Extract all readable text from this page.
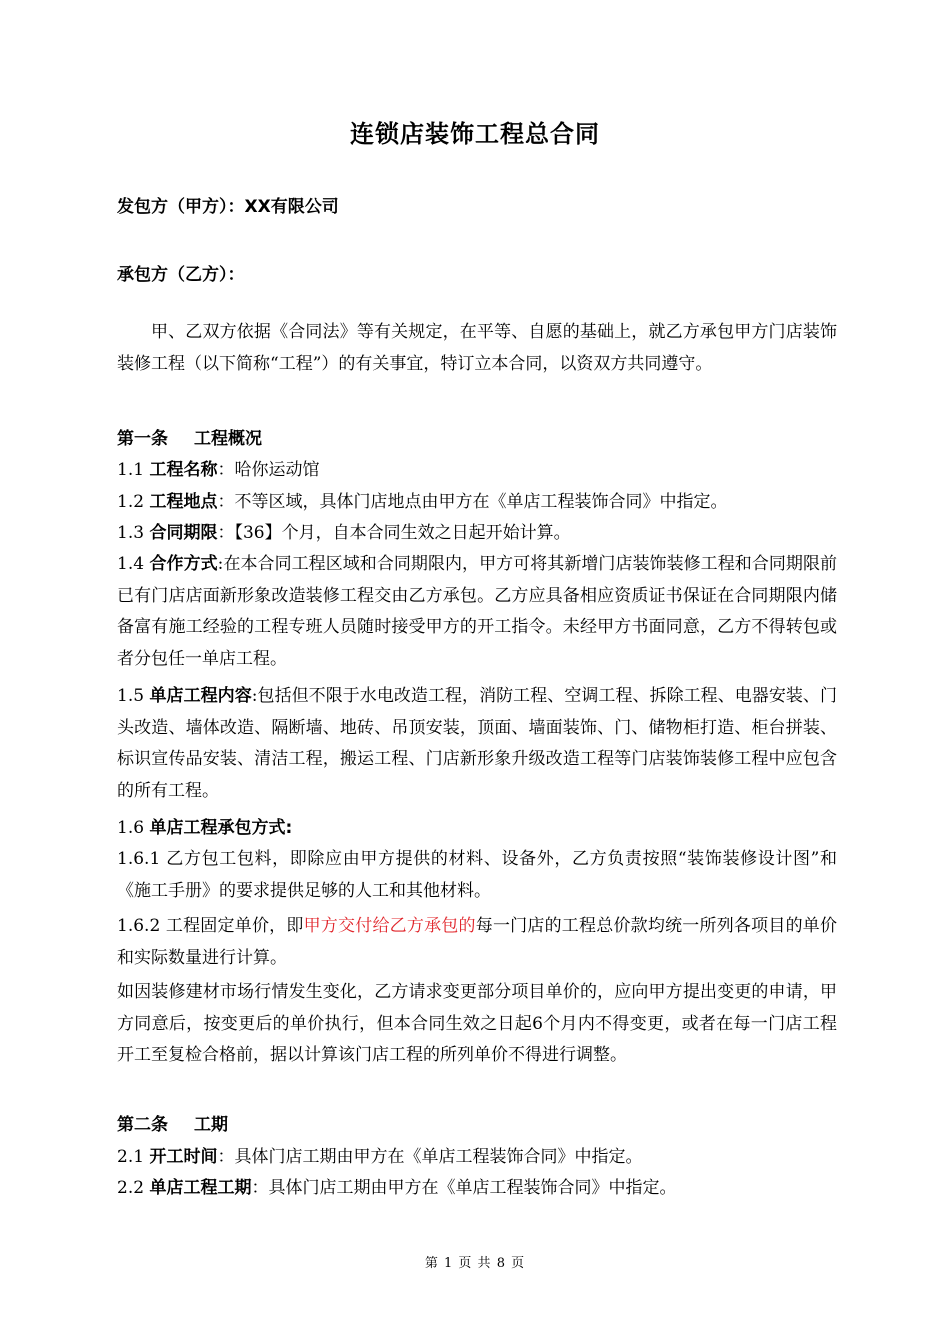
连锁店装饰工程总合同
发包方（甲方）：XX有限公司
承包方（乙方）：
甲、乙双方依据《合同法》等有关规定，在平等、自愿的基础上，就乙方承包甲方门店装饰装修工程（以下简称“工程”）的有关事宜，特订立本合同，以资双方共同遵守。
第一条 工程概况
1.1 工程名称：哈你运动馆
1.2 工程地点：不等区域，具体门店地点由甲方在《单店工程装饰合同》中指定。
1.3 合同期限：【36】个月，自本合同生效之日起开始计算。
1.4 合作方式:在本合同工程区域和合同期限内，甲方可将其新增门店装饰装修工程和合同期限前已有门店店面新形象改造装修工程交由乙方承包。乙方应具备相应资质证书保证在合同期限内储备富有施工经验的工程专班人员随时接受甲方的开工指令。未经甲方书面同意，乙方不得转包或者分包任一单店工程。
1.5 单店工程内容:包括但不限于水电改造工程，消防工程、空调工程、拆除工程、电器安装、门头改造、墙体改造、隔断墙、地砖、吊顶安装，顶面、墙面装饰、门、储物柜打造、柜台拼装、标识宣传品安装、清洁工程，搬运工程、门店新形象升级改造工程等门店装饰装修工程中应包含的所有工程。
1.6 单店工程承包方式:
1.6.1 乙方包工包料，即除应由甲方提供的材料、设备外，乙方负责按照“装饰装修设计图”和《施工手册》的要求提供足够的人工和其他材料。
1.6.2 工程固定单价，即甲方交付给乙方承包的每一门店的工程总价款均统一所列各项目的单价和实际数量进行计算。
如因装修建材市场行情发生变化，乙方请求变更部分项目单价的，应向甲方提出变更的申请，甲方同意后，按变更后的单价执行，但本合同生效之日起6个月内不得变更，或者在每一门店工程开工至复检合格前，据以计算该门店工程的所列单价不得进行调整。
第二条 工期
2.1 开工时间：具体门店工期由甲方在《单店工程装饰合同》中指定。
2.2 单店工程工期：具体门店工期由甲方在《单店工程装饰合同》中指定。
第 1 页 共 8 页
